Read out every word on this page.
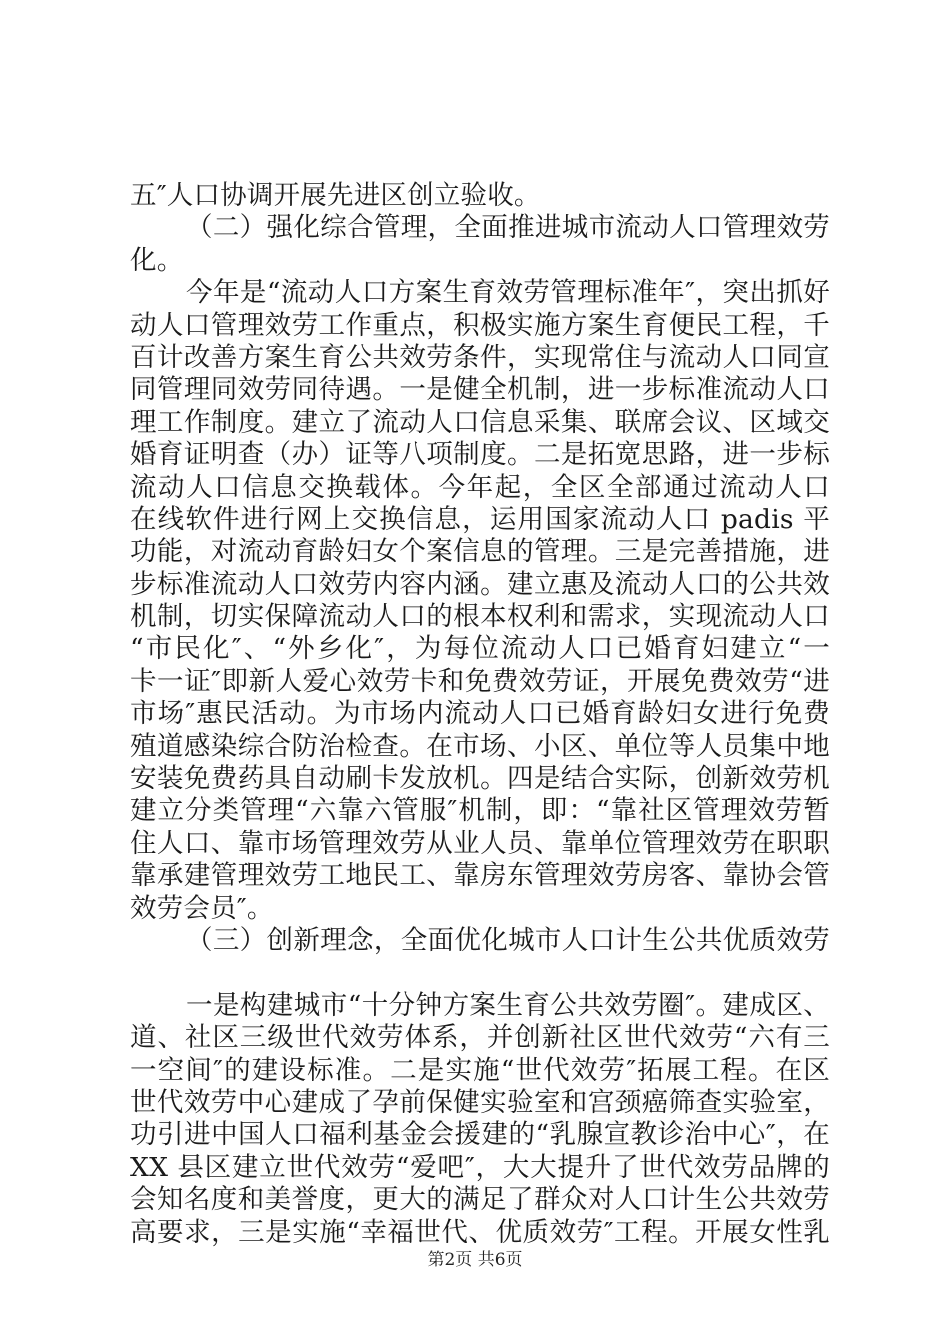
五″人口协调开展先进区创立验收。
（二）强化综合管理，全面推进城市流动人口管理效劳
化。
今年是“流动人口方案生育效劳管理标准年″，突出抓好
动人口管理效劳工作重点，积极实施方案生育便民工程，千
百计改善方案生育公共效劳条件，实现常住与流动人口同宣
同管理同效劳同待遇。一是健全机制，进一步标准流动人口
理工作制度。建立了流动人口信息采集、联席会议、区域交
婚育证明查（办）证等八项制度。二是拓宽思路，进一步标
流动人口信息交换载体。今年起，全区全部通过流动人口
在线软件进行网上交换信息，运用国家流动人口 padis 平
功能，对流动育龄妇女个案信息的管理。三是完善措施，进
步标准流动人口效劳内容内涵。建立惠及流动人口的公共效
机制，切实保障流动人口的根本权利和需求，实现流动人口
“市民化″、“外乡化″，为每位流动人口已婚育妇建立“一
卡一证″即新人爱心效劳卡和免费效劳证，开展免费效劳“进
市场″惠民活动。为市场内流动人口已婚育龄妇女进行免费
殖道感染综合防治检查。在市场、小区、单位等人员集中地
安装免费药具自动刷卡发放机。四是结合实际，创新效劳机
建立分类管理“六靠六管服″机制，即：“靠社区管理效劳暂
住人口、靠市场管理效劳从业人员、靠单位管理效劳在职职
靠承建管理效劳工地民工、靠房东管理效劳房客、靠协会管
效劳会员″。
（三）创新理念，全面优化城市人口计生公共优质效劳
一是构建城市“十分钟方案生育公共效劳圈″。建成区、
道、社区三级世代效劳体系，并创新社区世代效劳“六有三
一空间″的建设标准。二是实施“世代效劳″拓展工程。在区
世代效劳中心建成了孕前保健实验室和宫颈癌筛查实验室，
功引进中国人口福利基金会援建的“乳腺宣教诊治中心″，在
XX 县区建立世代效劳“爱吧″，大大提升了世代效劳品牌的
会知名度和美誉度，更大的满足了群众对人口计生公共效劳
高要求，三是实施“幸福世代、优质效劳″工程。开展女性乳
第2页 共6页
